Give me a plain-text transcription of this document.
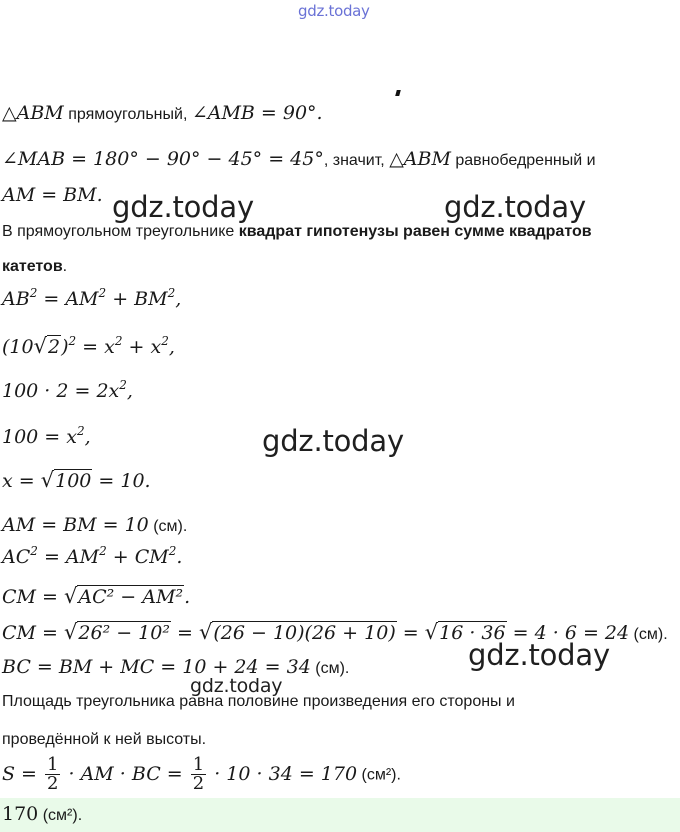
gdz.today
△ABM прямоугольный, ∠AMB = 90°.
∠MAB = 180° − 90° − 45° = 45°, значит, △ABM равнобедренный и
AM = BM. gdz.today	gdz.today
В прямоугольном треугольнике квадрат гипотенузы равен сумме квадратов
катетов.
$AB^2 = AM^2 + BM^2$,
$(10√2)^2 = x^2 + x^2$,
$100 \cdot 2 = 2x^2$,
gdz.today
$100 = x^2$,
x = √100 = 10.
AM = BM = 10 (см).
$AC^2 = AM^2 + CM^2$.
CM = √AC² − AM².
CM = √26² − 10² = √(26 − 10)(26 + 10) = √16 · 36 = 4 · 6 = 24 (см).
gdz.today
BC = BM + MC = 10 + 24 = 34 (см).
gdz.today
Площадь треугольника равна половине произведения его стороны и
проведённой к ней высоты.
$S = \frac{1}{2}$ · AM · BC = $\frac{1}{2} \cdot 10 \cdot 34 = 170$ (см²).
170 (см²).
